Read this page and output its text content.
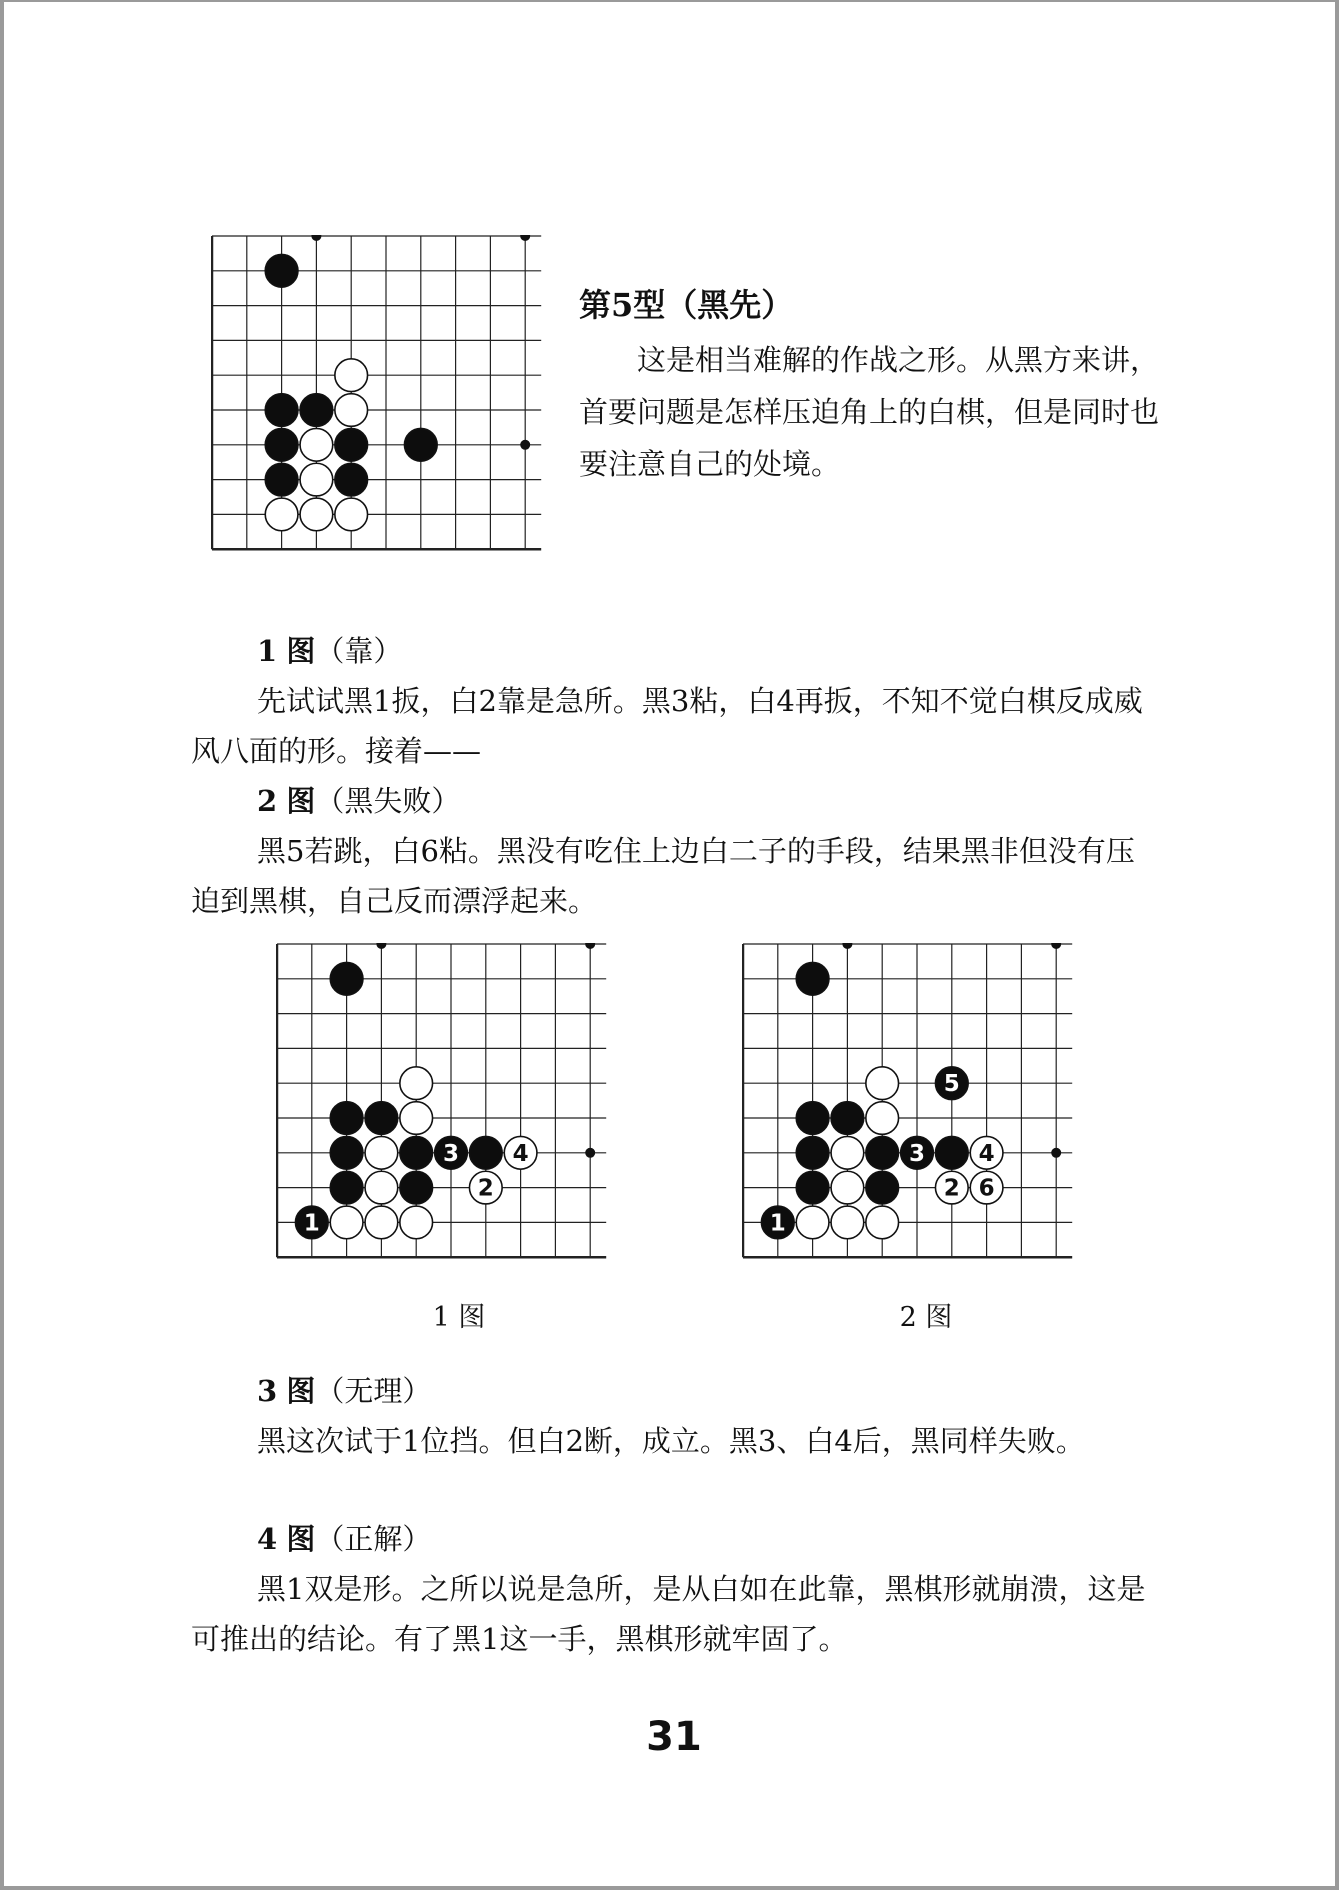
第5型（黑先）

这是相当难解的作战之形。从黑方来讲，首要问题是怎样压迫角上的白棋，但是同时也要注意自己的处境。

1 图（靠）

先试试黑1扳，白2靠是急所。黑3粘，白4再扳，不知不觉白棋反成威风八面的形。接着——

2 图（黑失败）

黑5若跳，白6粘。黑没有吃住上边白二子的手段，结果黑非但没有压迫到黑棋，自己反而漂浮起来。

3 4
2
1
1 图
5
3 4
2 6
1
2 图
3 图（无理）

黑这次试于1位挡。但白2断，成立。黑3、白4后，黑同样失败。

4 图（正解）

黑1双是形。之所以说是急所，是从白如在此靠，黑棋形就崩溃，这是可推出的结论。有了黑1这一手，黑棋形就牢固了。

31
